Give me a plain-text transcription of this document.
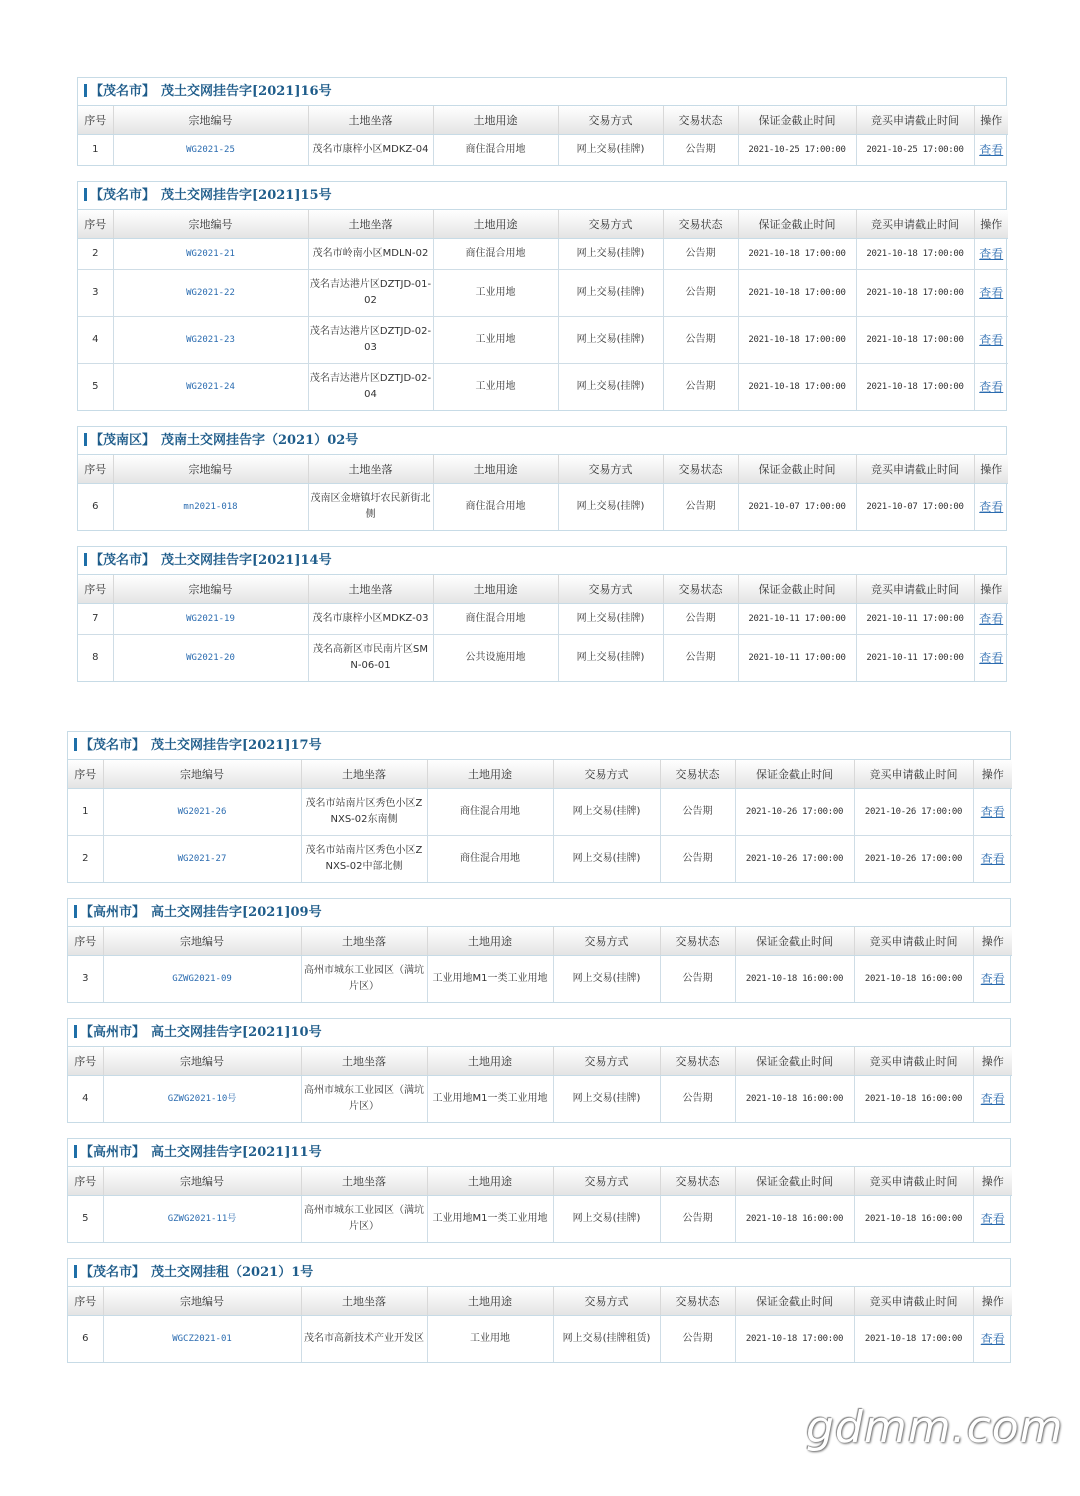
【茂名市】 茂土交网挂告字[2021]16号
序号	宗地编号	土地坐落	土地用途	交易方式	交易状态	保证金截止时间	竞买申请截止时间	操作
1	WG2021-25	茂名市康梓小区MDKZ-04	商住混合用地	网上交易(挂牌)	公告期	2021-10-25 17:00:00	2021-10-25 17:00:00	查看
【茂名市】 茂土交网挂告字[2021]15号
序号	宗地编号	土地坐落	土地用途	交易方式	交易状态	保证金截止时间	竞买申请截止时间	操作
2	WG2021-21	茂名市岭南小区MDLN-02	商住混合用地	网上交易(挂牌)	公告期	2021-10-18 17:00:00	2021-10-18 17:00:00	查看
3	WG2021-22	茂名吉达港片区DZTJD-01-02	工业用地	网上交易(挂牌)	公告期	2021-10-18 17:00:00	2021-10-18 17:00:00	查看
4	WG2021-23	茂名吉达港片区DZTJD-02-03	工业用地	网上交易(挂牌)	公告期	2021-10-18 17:00:00	2021-10-18 17:00:00	查看
5	WG2021-24	茂名吉达港片区DZTJD-02-04	工业用地	网上交易(挂牌)	公告期	2021-10-18 17:00:00	2021-10-18 17:00:00	查看
【茂南区】 茂南土交网挂告字（2021）02号
序号	宗地编号	土地坐落	土地用途	交易方式	交易状态	保证金截止时间	竞买申请截止时间	操作
6	mn2021-018	茂南区金塘镇圩农民新街北侧	商住混合用地	网上交易(挂牌)	公告期	2021-10-07 17:00:00	2021-10-07 17:00:00	查看
【茂名市】 茂土交网挂告字[2021]14号
序号	宗地编号	土地坐落	土地用途	交易方式	交易状态	保证金截止时间	竞买申请截止时间	操作
7	WG2021-19	茂名市康梓小区MDKZ-03	商住混合用地	网上交易(挂牌)	公告期	2021-10-11 17:00:00	2021-10-11 17:00:00	查看
8	WG2021-20	茂名高新区市民南片区SMN-06-01	公共设施用地	网上交易(挂牌)	公告期	2021-10-11 17:00:00	2021-10-11 17:00:00	查看
【茂名市】 茂土交网挂告字[2021]17号
序号	宗地编号	土地坐落	土地用途	交易方式	交易状态	保证金截止时间	竞买申请截止时间	操作
1	WG2021-26	茂名市站南片区秀色小区ZNXS-02东南侧	商住混合用地	网上交易(挂牌)	公告期	2021-10-26 17:00:00	2021-10-26 17:00:00	查看
2	WG2021-27	茂名市站南片区秀色小区ZNXS-02中部北侧	商住混合用地	网上交易(挂牌)	公告期	2021-10-26 17:00:00	2021-10-26 17:00:00	查看
【高州市】 高土交网挂告字[2021]09号
序号	宗地编号	土地坐落	土地用途	交易方式	交易状态	保证金截止时间	竞买申请截止时间	操作
3	GZWG2021-09	高州市城东工业园区（满坑片区）	工业用地M1一类工业用地	网上交易(挂牌)	公告期	2021-10-18 16:00:00	2021-10-18 16:00:00	查看
【高州市】 高土交网挂告字[2021]10号
序号	宗地编号	土地坐落	土地用途	交易方式	交易状态	保证金截止时间	竞买申请截止时间	操作
4	GZWG2021-10号	高州市城东工业园区（满坑片区）	工业用地M1一类工业用地	网上交易(挂牌)	公告期	2021-10-18 16:00:00	2021-10-18 16:00:00	查看
【高州市】 高土交网挂告字[2021]11号
序号	宗地编号	土地坐落	土地用途	交易方式	交易状态	保证金截止时间	竞买申请截止时间	操作
5	GZWG2021-11号	高州市城东工业园区（满坑片区）	工业用地M1一类工业用地	网上交易(挂牌)	公告期	2021-10-18 16:00:00	2021-10-18 16:00:00	查看
【茂名市】 茂土交网挂租（2021）1号
序号	宗地编号	土地坐落	土地用途	交易方式	交易状态	保证金截止时间	竞买申请截止时间	操作
6	WGCZ2021-01	茂名市高新技术产业开发区	工业用地	网上交易(挂牌租赁)	公告期	2021-10-18 17:00:00	2021-10-18 17:00:00	查看
gdmm.com
